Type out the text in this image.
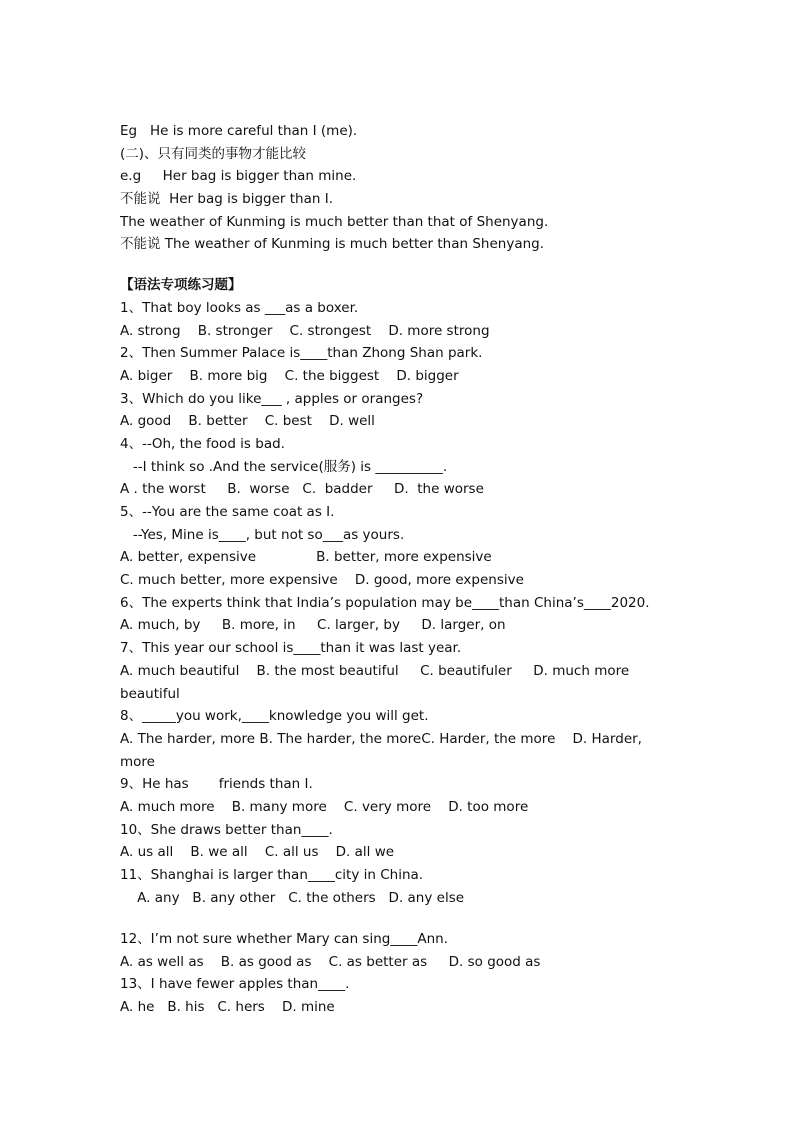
Eg   He is more careful than I (me).
(二)、只有同类的事物才能比较
e.g     Her bag is bigger than mine.
不能说  Her bag is bigger than I.
The weather of Kunming is much better than that of Shenyang.
不能说 The weather of Kunming is much better than Shenyang.
【语法专项练习题】
1、That boy looks as ___as a boxer.
A. strong    B. stronger    C. strongest    D. more strong
2、Then Summer Palace is____than Zhong Shan park.
A. biger    B. more big    C. the biggest    D. bigger
3、Which do you like___ , apples or oranges?
A. good    B. better    C. best    D. well
4、--Oh, the food is bad.
--I think so .And the service(服务) is __________.
A . the worst     B.  worse   C.  badder     D.  the worse
5、--You are the same coat as I.
--Yes, Mine is____, but not so___as yours.
A. better, expensive              B. better, more expensive
C. much better, more expensive    D. good, more expensive
6、The experts think that India’s population may be____than China’s____2020.
A. much, by     B. more, in     C. larger, by     D. larger, on
7、This year our school is____than it was last year.
A. much beautiful    B. the most beautiful     C. beautifuler     D. much more beautiful
8、_____you work,____knowledge you will get.
A. The harder, more B. The harder, the moreC. Harder, the more    D. Harder, more
9、He has       friends than I.
A. much more    B. many more    C. very more    D. too more
10、She draws better than____.
A. us all    B. we all    C. all us    D. all we
11、Shanghai is larger than____city in China.
A. any   B. any other   C. the others   D. any else
12、I’m not sure whether Mary can sing____Ann.
A. as well as    B. as good as    C. as better as     D. so good as
13、I have fewer apples than____.
A. he   B. his   C. hers    D. mine
